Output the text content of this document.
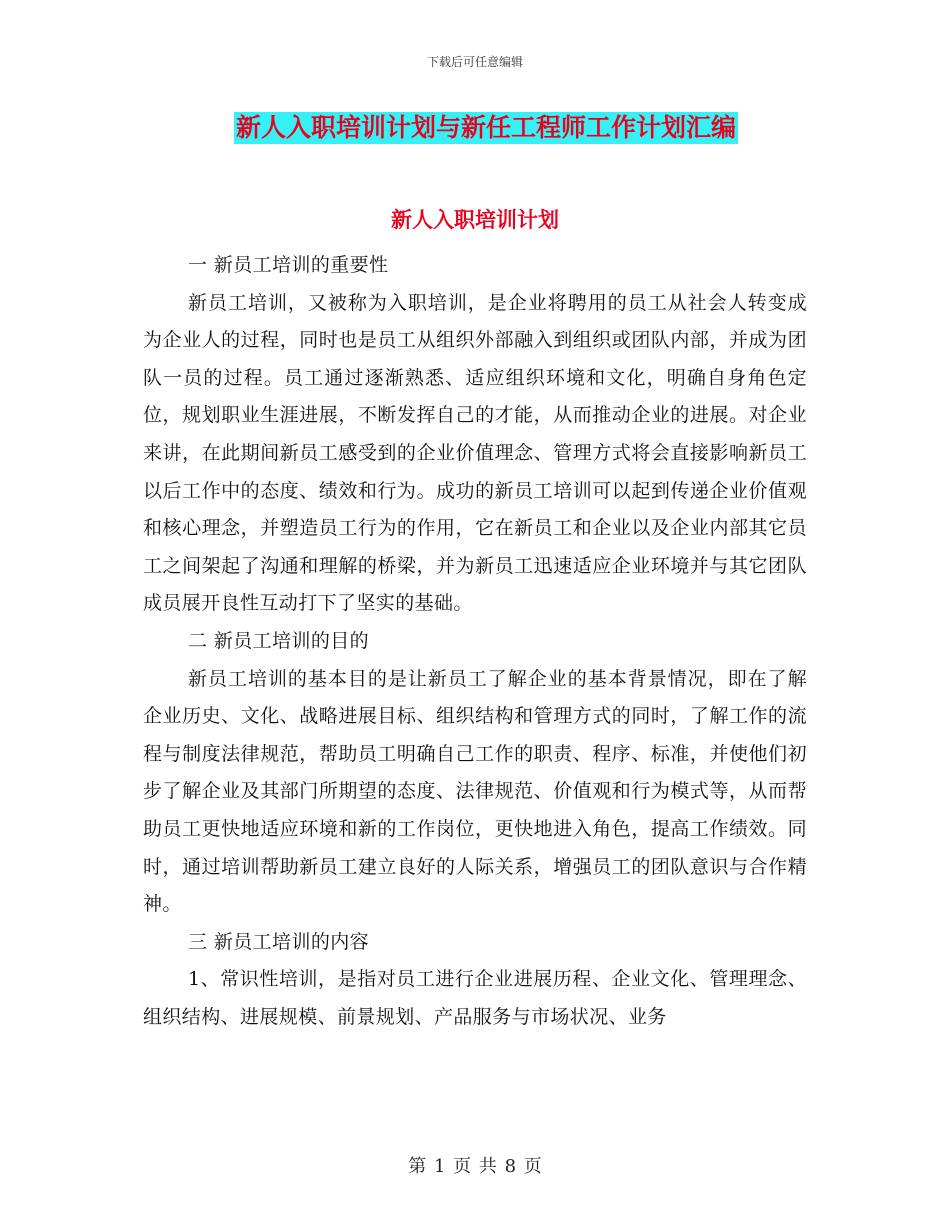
下载后可任意编辑
新人入职培训计划与新任工程师工作计划汇编
新人入职培训计划

一 新员工培训的重要性

新员工培训，又被称为入职培训，是企业将聘用的员工从社会人转变成为企业人的过程，同时也是员工从组织外部融入到组织或团队内部，并成为团队一员的过程。员工通过逐渐熟悉、适应组织环境和文化，明确自身角色定位，规划职业生涯进展，不断发挥自己的才能，从而推动企业的进展。对企业来讲，在此期间新员工感受到的企业价值理念、管理方式将会直接影响新员工以后工作中的态度、绩效和行为。成功的新员工培训可以起到传递企业价值观和核心理念，并塑造员工行为的作用，它在新员工和企业以及企业内部其它员工之间架起了沟通和理解的桥梁，并为新员工迅速适应企业环境并与其它团队成员展开良性互动打下了坚实的基础。

二 新员工培训的目的

新员工培训的基本目的是让新员工了解企业的基本背景情况，即在了解企业历史、文化、战略进展目标、组织结构和管理方式的同时，了解工作的流程与制度法律规范，帮助员工明确自己工作的职责、程序、标准，并使他们初步了解企业及其部门所期望的态度、法律规范、价值观和行为模式等，从而帮助员工更快地适应环境和新的工作岗位，更快地进入角色，提高工作绩效。同时，通过培训帮助新员工建立良好的人际关系，增强员工的团队意识与合作精神。

三 新员工培训的内容

1、常识性培训，是指对员工进行企业进展历程、企业文化、管理理念、组织结构、进展规模、前景规划、产品服务与市场状况、业务

第 1 页 共 8 页
